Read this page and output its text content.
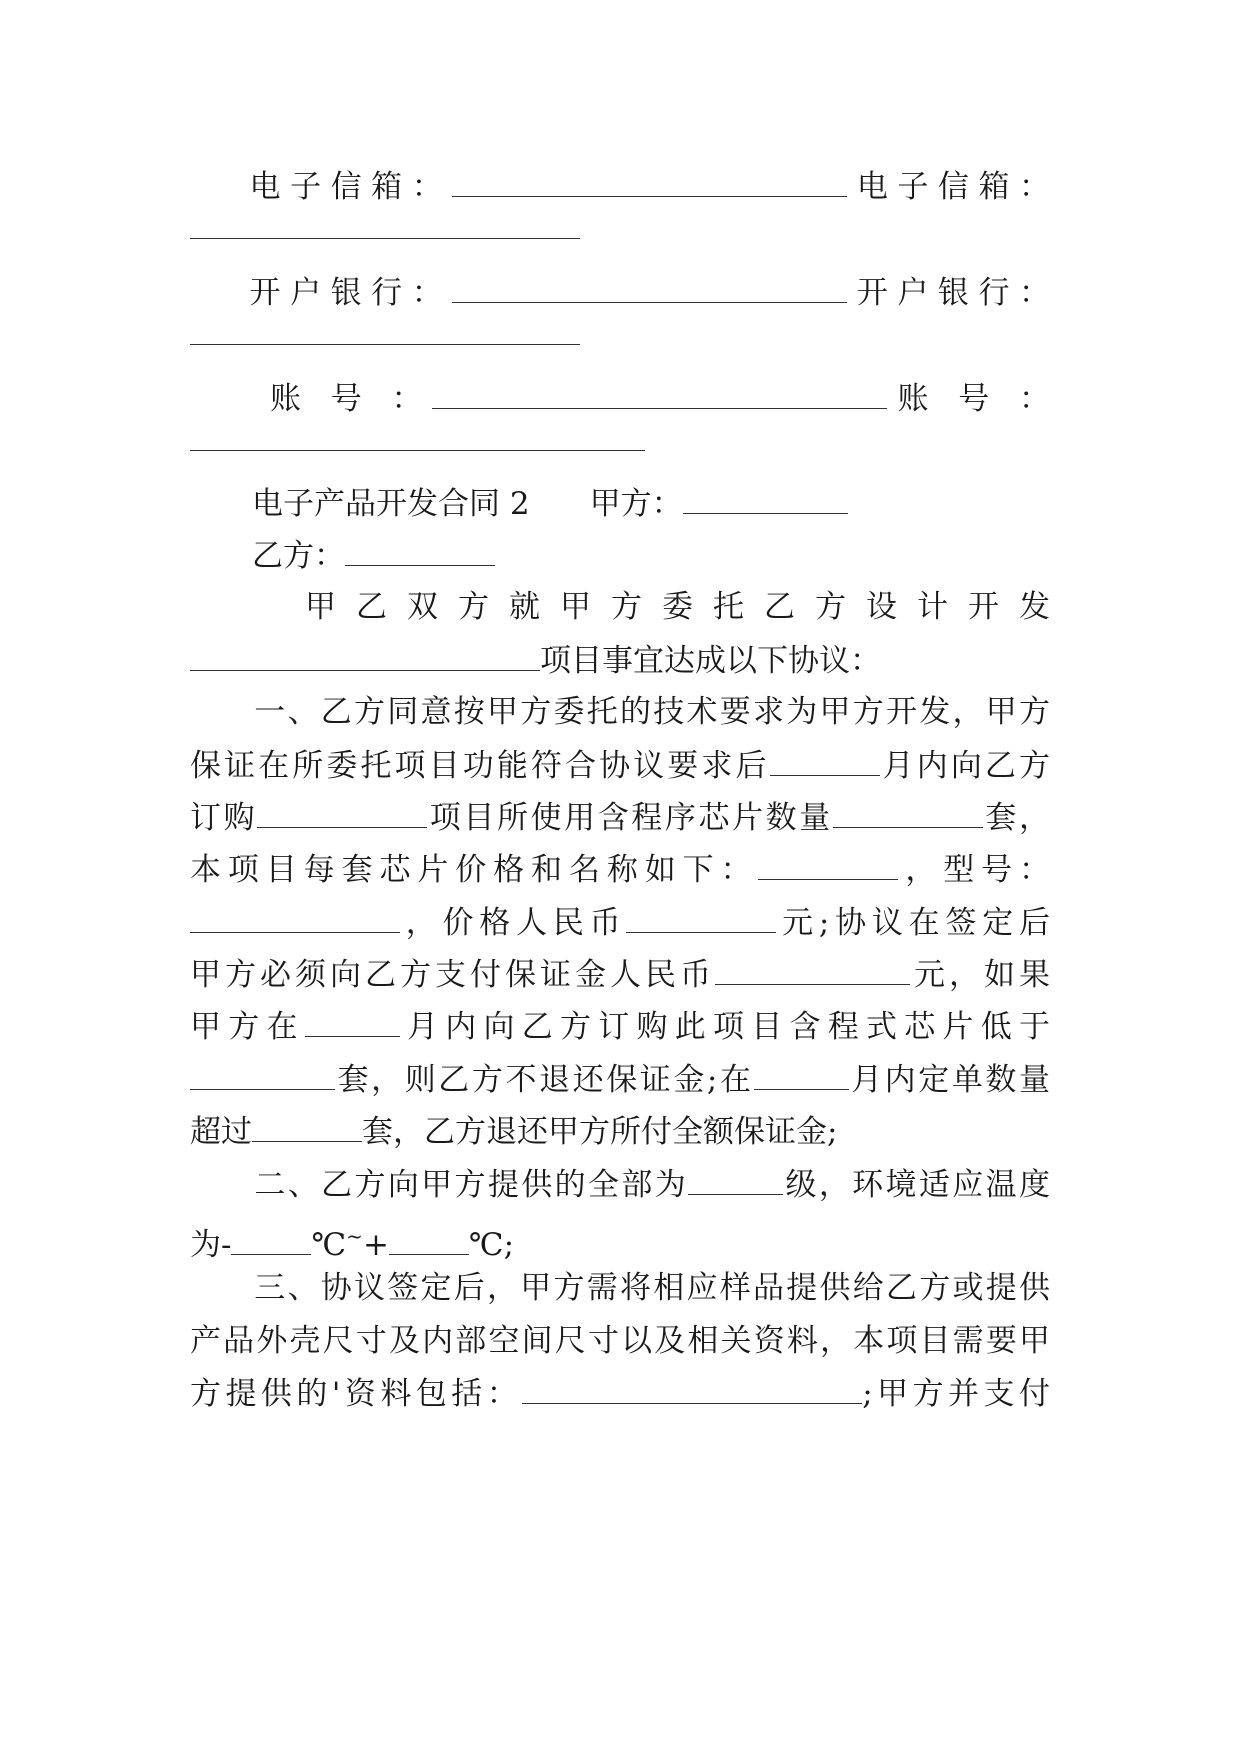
电子信箱：	电子信箱：
开户银行：	开户银行：
账 号 ：	账 号 ：
电子产品开发合同 2 甲方：
乙方：
甲乙双方就甲方委托乙方设计开发
项目事宜达成以下协议：
一、乙方同意按甲方委托的技术要求为甲方开发，甲方
保证在所委托项目功能符合协议要求后	月内向乙方
订购	项目所使用含程序芯片数量	套，
本项目每套芯片价格和名称如下：	，型号：
，价格人民币	元;协议在签定后
甲方必须向乙方支付保证金人民币	元，如果
甲方在	月内向乙方订购此项目含程式芯片低于
套，则乙方不退还保证金;在	月内定单数量
超过	套，乙方退还甲方所付全额保证金;
二、乙方向甲方提供的全部为	级，环境适应温度
为-	℃~+	℃;
三、协议签定后，甲方需将相应样品提供给乙方或提供
产品外壳尺寸及内部空间尺寸以及相关资料，本项目需要甲
方提供的'资料包括：	;甲方并支付
